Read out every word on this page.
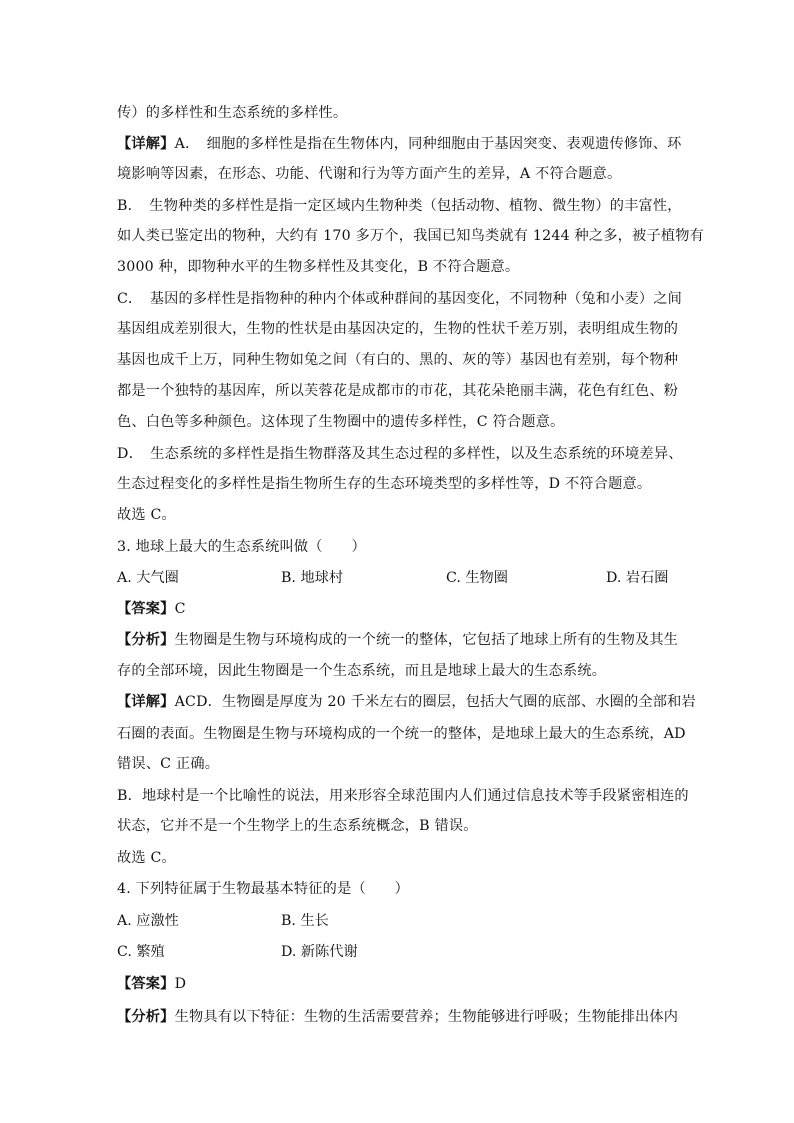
传）的多样性和生态系统的多样性。
【详解】A．　细胞的多样性是指在生物体内，同种细胞由于基因突变、表观遗传修饰、环
境影响等因素，在形态、功能、代谢和行为等方面产生的差异，A 不符合题意。
B．　生物种类的多样性是指一定区域内生物种类（包括动物、植物、微生物）的丰富性，
如人类已鉴定出的物种，大约有 170 多万个，我国已知鸟类就有 1244 种之多，被子植物有
3000 种，即物种水平的生物多样性及其变化，B 不符合题意。
C．　基因的多样性是指物种的种内个体或种群间的基因变化，不同物种（兔和小麦）之间
基因组成差别很大，生物的性状是由基因决定的，生物的性状千差万别，表明组成生物的
基因也成千上万，同种生物如兔之间（有白的、黑的、灰的等）基因也有差别，每个物种
都是一个独特的基因库，所以芙蓉花是成都市的市花，其花朵艳丽丰满，花色有红色、粉
色、白色等多种颜色。这体现了生物圈中的遗传多样性，C 符合题意。
D．　生态系统的多样性是指生物群落及其生态过程的多样性，以及生态系统的环境差异、
生态过程变化的多样性是指生物所生存的生态环境类型的多样性等，D 不符合题意。
故选 C。
3. 地球上最大的生态系统叫做（　　）
A. 大气圈	B. 地球村	C. 生物圈	D. 岩石圈
【答案】C
【分析】生物圈是生物与环境构成的一个统一的整体，它包括了地球上所有的生物及其生
存的全部环境，因此生物圈是一个生态系统，而且是地球上最大的生态系统。
【详解】ACD．生物圈是厚度为 20 千米左右的圈层，包括大气圈的底部、水圈的全部和岩
石圈的表面。生物圈是生物与环境构成的一个统一的整体，是地球上最大的生态系统，AD
错误、C 正确。
B．地球村是一个比喻性的说法，用来形容全球范围内人们通过信息技术等手段紧密相连的
状态，它并不是一个生物学上的生态系统概念，B 错误。
故选 C。
4. 下列特征属于生物最基本特征的是（　　）
A. 应激性	B. 生长
C. 繁殖	D. 新陈代谢
【答案】D
【分析】生物具有以下特征：生物的生活需要营养；生物能够进行呼吸；生物能排出体内
